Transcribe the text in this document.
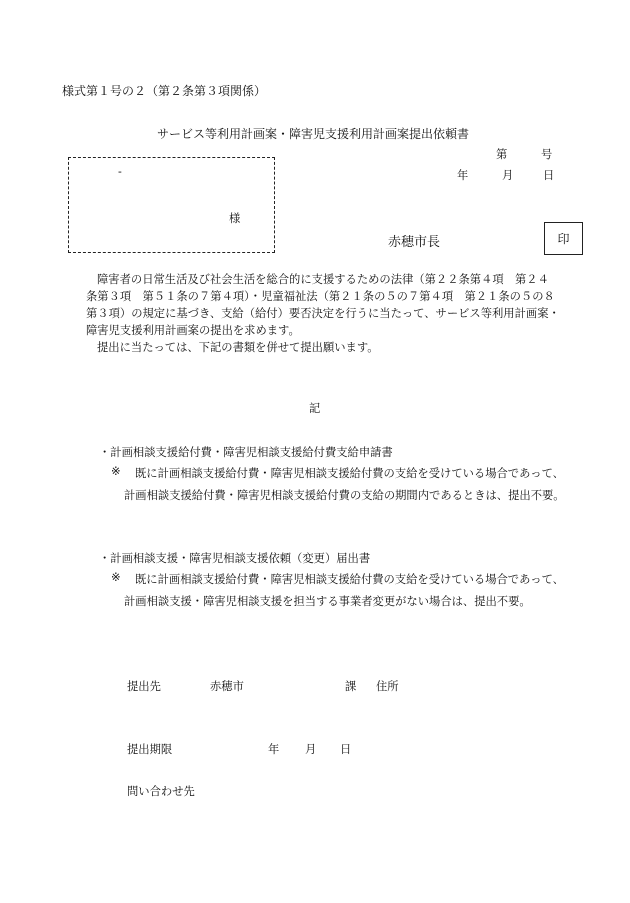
様式第１号の２（第２条第３項関係）
サービス等利用計画案・障害児支援利用計画案提出依頼書
第	号
年	月	日
-
様
赤穂市長	印
障害者の日常生活及び社会生活を総合的に支援するための法律（第２２条第４項　第２４
条第３項　第５１条の７第４項）・児童福祉法（第２１条の５の７第４項　第２１条の５の８
第３項）の規定に基づき、支給（給付）要否決定を行うに当たって、サービス等利用計画案・
障害児支援利用計画案の提出を求めます。
提出に当たっては、下記の書類を併せて提出願います。
記
・計画相談支援給付費・障害児相談支援給付費支給申請書
※ 既に計画相談支援給付費・障害児相談支援給付費の支給を受けている場合であって、
計画相談支援給付費・障害児相談支援給付費の支給の期間内であるときは、提出不要。
・計画相談支援・障害児相談支援依頼（変更）届出書
※ 既に計画相談支援給付費・障害児相談支援給付費の支給を受けている場合であって、
計画相談支援・障害児相談支援を担当する事業者変更がない場合は、提出不要。
提出先	赤穂市	課 住所
提出期限	年 月 日
問い合わせ先
